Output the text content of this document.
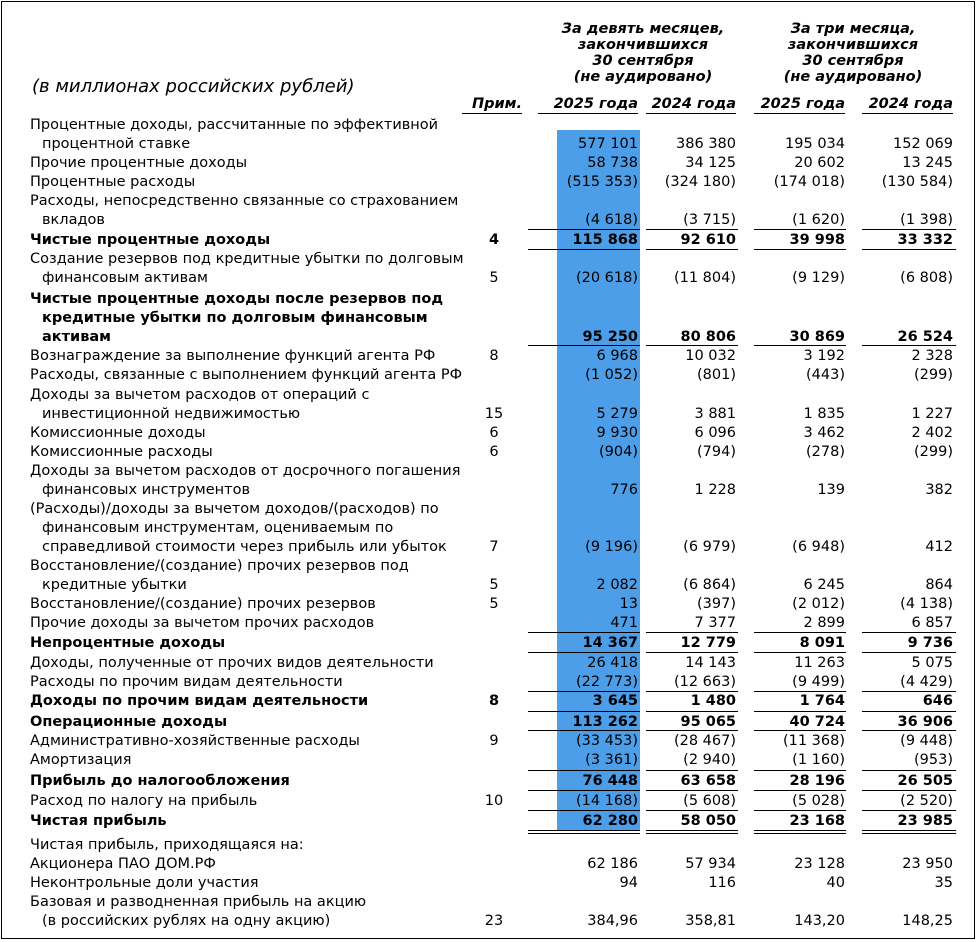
(в миллионах российских рублей)
За девять месяцев,
закончившихся
30 сентября
(не аудировано)
За три месяца,
закончившихся
30 сентября
(не аудировано)
Прим.	2025 года 2024 года	2025 года	2024 года
Процентные доходы, рассчитанные по эффективной
процентной ставке	577 101	386 380	195 034	152 069
Прочие процентные доходы	58 738	34 125	20 602	13 245
Процентные расходы	(515 353) (324 180)	(174 018)	(130 584)
Расходы, непосредственно связанные со страхованием
вкладов	(4 618)	(3 715)	(1 620)	(1 398)
Чистые процентные доходы	4	115 868	92 610	39 998	33 332
Создание резервов под кредитные убытки по долговым
финансовым активам	5	(20 618) (11 804)	(9 129)	(6 808)
Чистые процентные доходы после резервов под
кредитные убытки по долговым финансовым
активам	95 250	80 806	30 869	26 524
Вознаграждение за выполнение функций агента РФ	8	6 968	10 032	3 192	2 328
Расходы, связанные с выполнением функций агента РФ	(1 052)	(801)	(443)	(299)
Доходы за вычетом расходов от операций с
инвестиционной недвижимостью	15	5 279	3 881	1 835	1 227
Комиссионные доходы	6	9 930	6 096	3 462	2 402
Комиссионные расходы	6	(904)	(794)	(278)	(299)
Доходы за вычетом расходов от досрочного погашения
финансовых инструментов	776	1 228	139	382
(Расходы)/доходы за вычетом доходов/(расходов) по
финансовым инструментам, оцениваемым по
справедливой стоимости через прибыль или убыток	7	(9 196)	(6 979)	(6 948)	412
Восстановление/(создание) прочих резервов под
кредитные убытки	5	2 082	(6 864)	6 245	864
Восстановление/(создание) прочих резервов	5	13	(397)	(2 012)	(4 138)
Прочие доходы за вычетом прочих расходов	471	7 377	2 899	6 857
Непроцентные доходы	14 367	12 779	8 091	9 736
Доходы, полученные от прочих видов деятельности	26 418	14 143	11 263	5 075
Расходы по прочим видам деятельности	(22 773) (12 663)	(9 499)	(4 429)
Доходы по прочим видам деятельности	8	3 645	1 480	1 764	646
Операционные доходы	113 262	95 065	40 724	36 906
Административно-хозяйственные расходы	9	(33 453) (28 467)	(11 368)	(9 448)
Амортизация	(3 361)	(2 940)	(1 160)	(953)
Прибыль до налогообложения	76 448	63 658	28 196	26 505
Расход по налогу на прибыль	10	(14 168)	(5 608)	(5 028)	(2 520)
Чистая прибыль	62 280	58 050	23 168	23 985
Чистая прибыль, приходящаяся на:
Акционера ПАО ДОМ.РФ	62 186	57 934	23 128	23 950
Неконтрольные доли участия	94	116	40	35
Базовая и разводненная прибыль на акцию
(в российских рублях на одну акцию)	23	384,96	358,81	143,20	148,25
